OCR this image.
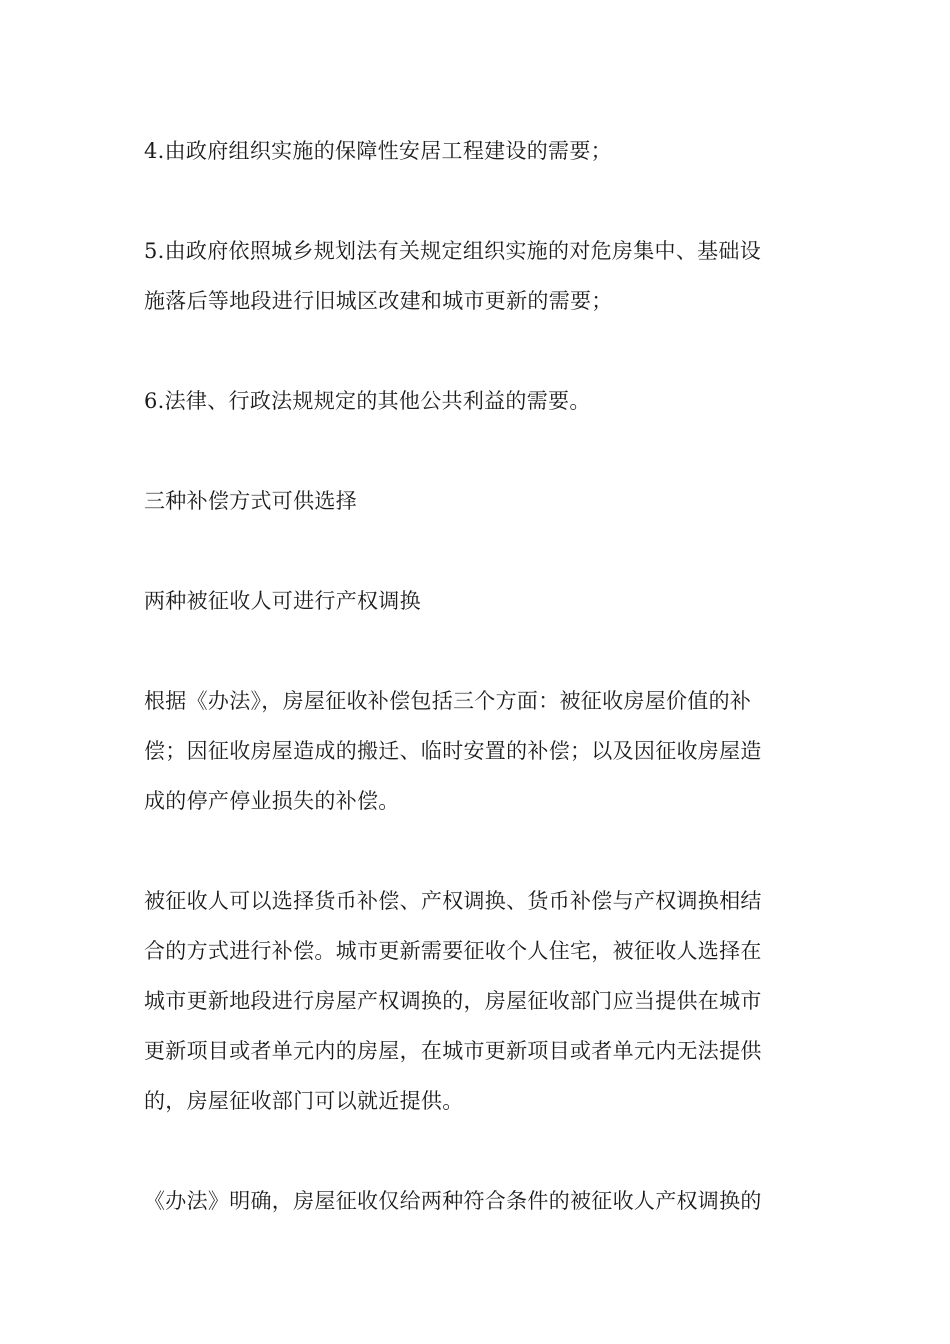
4.由政府组织实施的保障性安居工程建设的需要；

5.由政府依照城乡规划法有关规定组织实施的对危房集中、基础设
施落后等地段进行旧城区改建和城市更新的需要；

6.法律、行政法规规定的其他公共利益的需要。

三种补偿方式可供选择

两种被征收人可进行产权调换

根据《办法》，房屋征收补偿包括三个方面：被征收房屋价值的补
偿；因征收房屋造成的搬迁、临时安置的补偿；以及因征收房屋造
成的停产停业损失的补偿。

被征收人可以选择货币补偿、产权调换、货币补偿与产权调换相结
合的方式进行补偿。城市更新需要征收个人住宅，被征收人选择在
城市更新地段进行房屋产权调换的，房屋征收部门应当提供在城市
更新项目或者单元内的房屋，在城市更新项目或者单元内无法提供
的，房屋征收部门可以就近提供。

《办法》明确，房屋征收仅给两种符合条件的被征收人产权调换的
